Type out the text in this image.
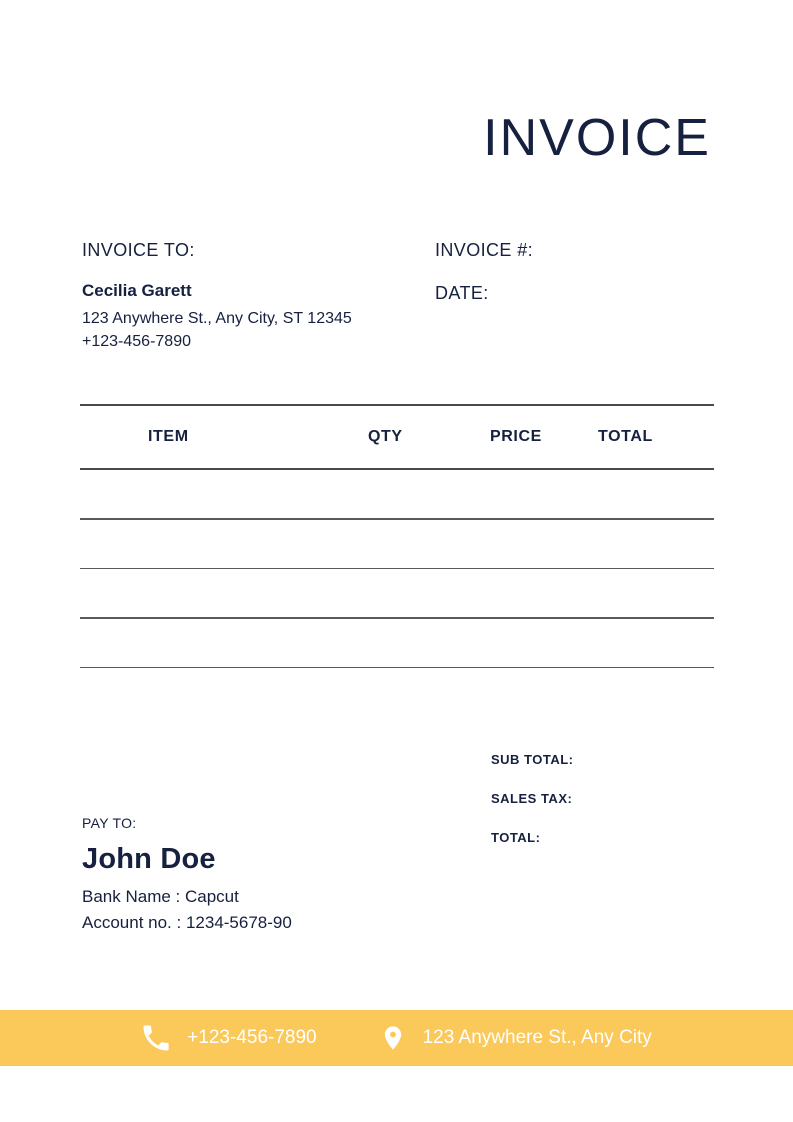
INVOICE
INVOICE TO:
Cecilia Garett
123 Anywhere St., Any City, ST 12345
+123-456-7890
INVOICE #:
DATE:
ITEM	QTY	PRICE	TOTAL
SUB TOTAL:
SALES TAX:
TOTAL:
PAY TO:
John Doe
Bank Name : Capcut
Account no. : 1234-5678-90
+123-456-7890	123 Anywhere St., Any City
